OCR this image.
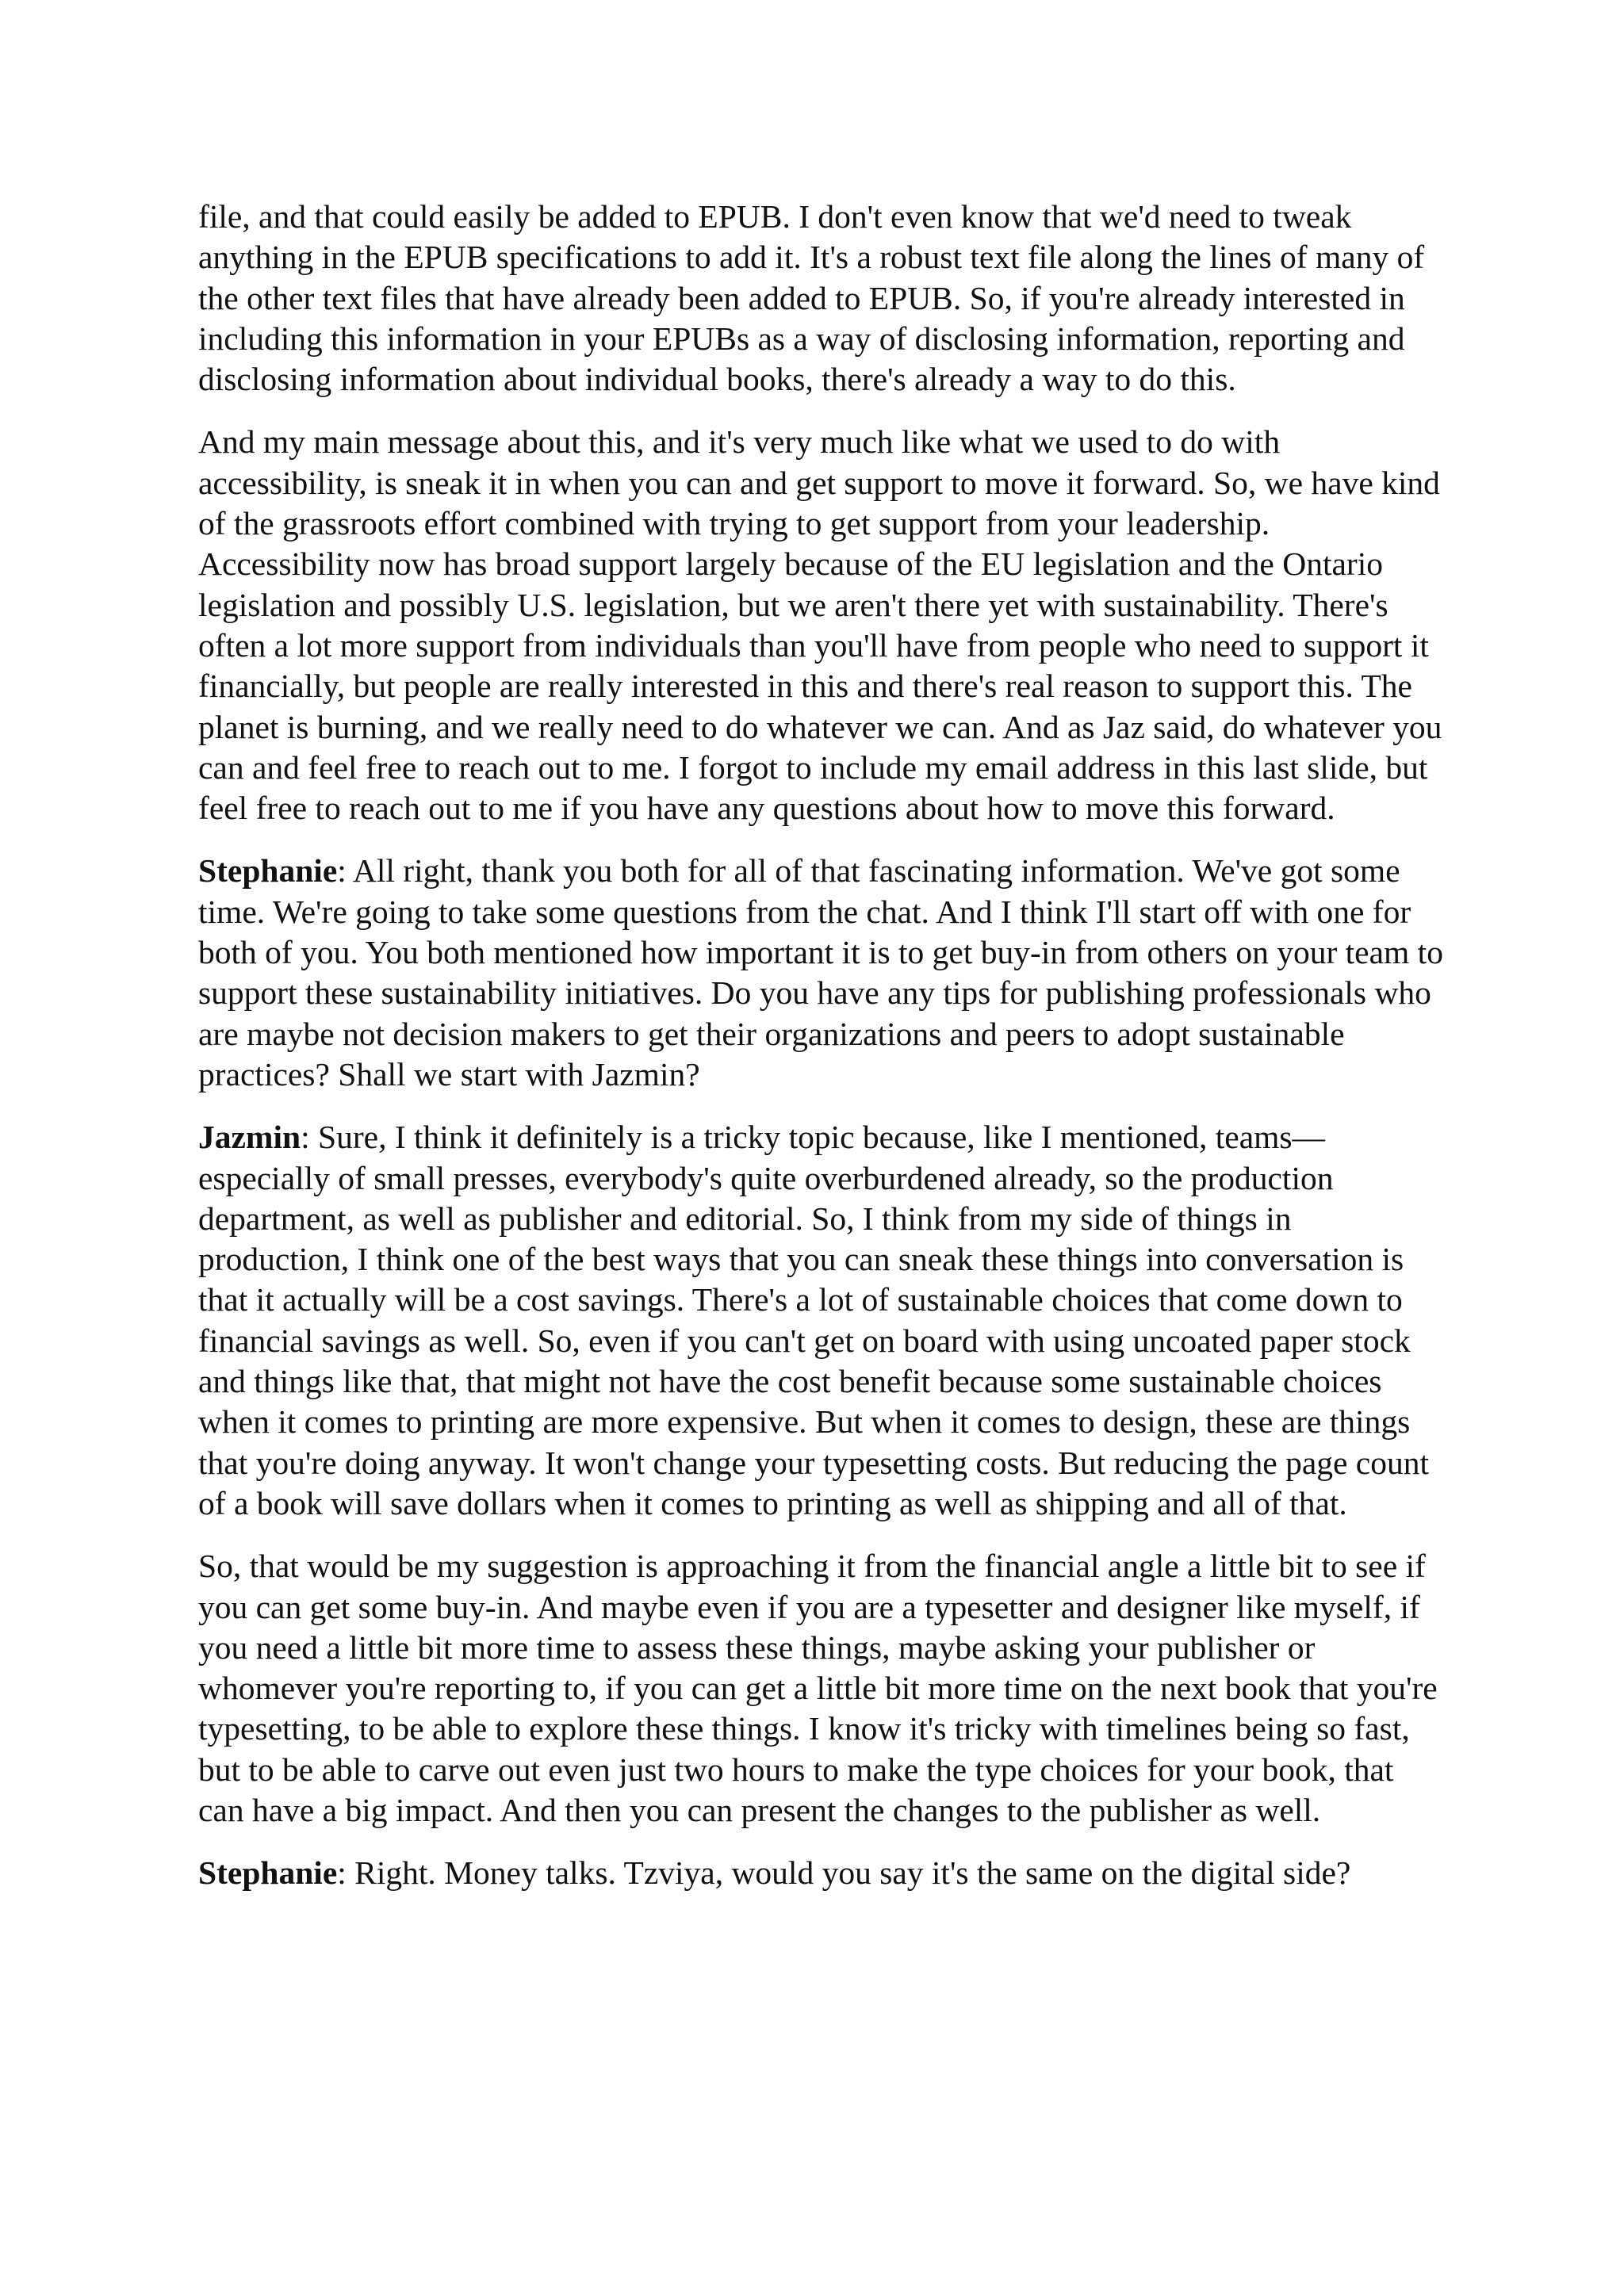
file, and that could easily be added to EPUB. I don't even know that we'd need to tweak anything in the EPUB specifications to add it. It's a robust text file along the lines of many of the other text files that have already been added to EPUB. So, if you're already interested in including this information in your EPUBs as a way of disclosing information, reporting and disclosing information about individual books, there's already a way to do this.

And my main message about this, and it's very much like what we used to do with accessibility, is sneak it in when you can and get support to move it forward. So, we have kind of the grassroots effort combined with trying to get support from your leadership. Accessibility now has broad support largely because of the EU legislation and the Ontario legislation and possibly U.S. legislation, but we aren't there yet with sustainability. There's often a lot more support from individuals than you'll have from people who need to support it financially, but people are really interested in this and there's real reason to support this. The planet is burning, and we really need to do whatever we can. And as Jaz said, do whatever you can and feel free to reach out to me. I forgot to include my email address in this last slide, but feel free to reach out to me if you have any questions about how to move this forward.

Stephanie: All right, thank you both for all of that fascinating information. We've got some time. We're going to take some questions from the chat. And I think I'll start off with one for both of you. You both mentioned how important it is to get buy-in from others on your team to support these sustainability initiatives. Do you have any tips for publishing professionals who are maybe not decision makers to get their organizations and peers to adopt sustainable practices? Shall we start with Jazmin?

Jazmin: Sure, I think it definitely is a tricky topic because, like I mentioned, teams—especially of small presses, everybody's quite overburdened already, so the production department, as well as publisher and editorial. So, I think from my side of things in production, I think one of the best ways that you can sneak these things into conversation is that it actually will be a cost savings. There's a lot of sustainable choices that come down to financial savings as well. So, even if you can't get on board with using uncoated paper stock and things like that, that might not have the cost benefit because some sustainable choices when it comes to printing are more expensive. But when it comes to design, these are things that you're doing anyway. It won't change your typesetting costs. But reducing the page count of a book will save dollars when it comes to printing as well as shipping and all of that.

So, that would be my suggestion is approaching it from the financial angle a little bit to see if you can get some buy-in. And maybe even if you are a typesetter and designer like myself, if you need a little bit more time to assess these things, maybe asking your publisher or whomever you're reporting to, if you can get a little bit more time on the next book that you're typesetting, to be able to explore these things. I know it's tricky with timelines being so fast, but to be able to carve out even just two hours to make the type choices for your book, that can have a big impact. And then you can present the changes to the publisher as well.

Stephanie: Right. Money talks. Tzviya, would you say it's the same on the digital side?
